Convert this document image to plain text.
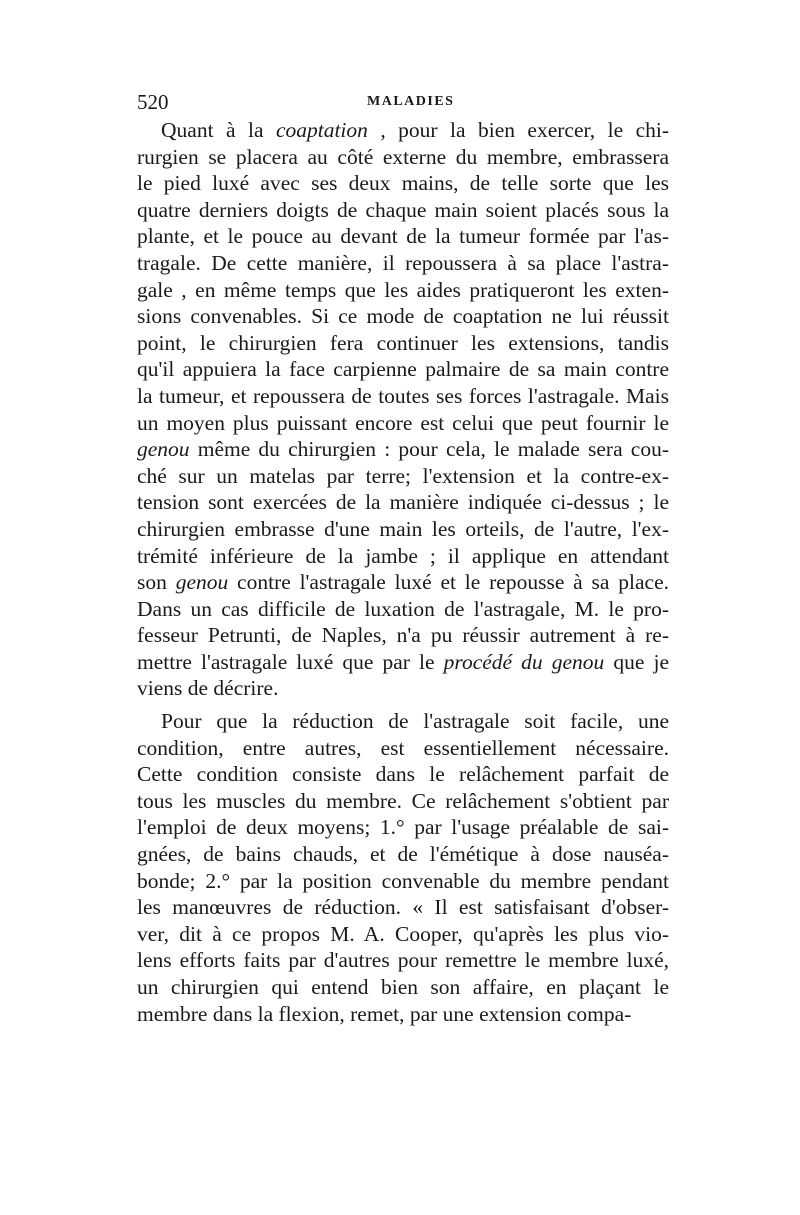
520	MALADIES
Quant à la coaptation , pour la bien exercer, le chi-
rurgien se placera au côté externe du membre, embrassera
le pied luxé avec ses deux mains, de telle sorte que les
quatre derniers doigts de chaque main soient placés sous la
plante, et le pouce au devant de la tumeur formée par l'as-
tragale. De cette manière, il repoussera à sa place l'astra-
gale , en même temps que les aides pratiqueront les exten-
sions convenables. Si ce mode de coaptation ne lui réussit
point, le chirurgien fera continuer les extensions, tandis
qu'il appuiera la face carpienne palmaire de sa main contre
la tumeur, et repoussera de toutes ses forces l'astragale. Mais
un moyen plus puissant encore est celui que peut fournir le
genou même du chirurgien : pour cela, le malade sera cou-
ché sur un matelas par terre; l'extension et la contre-ex-
tension sont exercées de la manière indiquée ci-dessus ; le
chirurgien embrasse d'une main les orteils, de l'autre, l'ex-
trémité inférieure de la jambe ; il applique en attendant
son genou contre l'astragale luxé et le repousse à sa place.
Dans un cas difficile de luxation de l'astragale, M. le pro-
fesseur Petrunti, de Naples, n'a pu réussir autrement à re-
mettre l'astragale luxé que par le procédé du genou que je
viens de décrire.
Pour que la réduction de l'astragale soit facile, une
condition, entre autres, est essentiellement nécessaire.
Cette condition consiste dans le relâchement parfait de
tous les muscles du membre. Ce relâchement s'obtient par
l'emploi de deux moyens; 1.° par l'usage préalable de sai-
gnées, de bains chauds, et de l'émétique à dose nauséa-
bonde; 2.° par la position convenable du membre pendant
les manœuvres de réduction. « Il est satisfaisant d'obser-
ver, dit à ce propos M. A. Cooper, qu'après les plus vio-
lens efforts faits par d'autres pour remettre le membre luxé,
un chirurgien qui entend bien son affaire, en plaçant le
membre dans la flexion, remet, par une extension compa-
